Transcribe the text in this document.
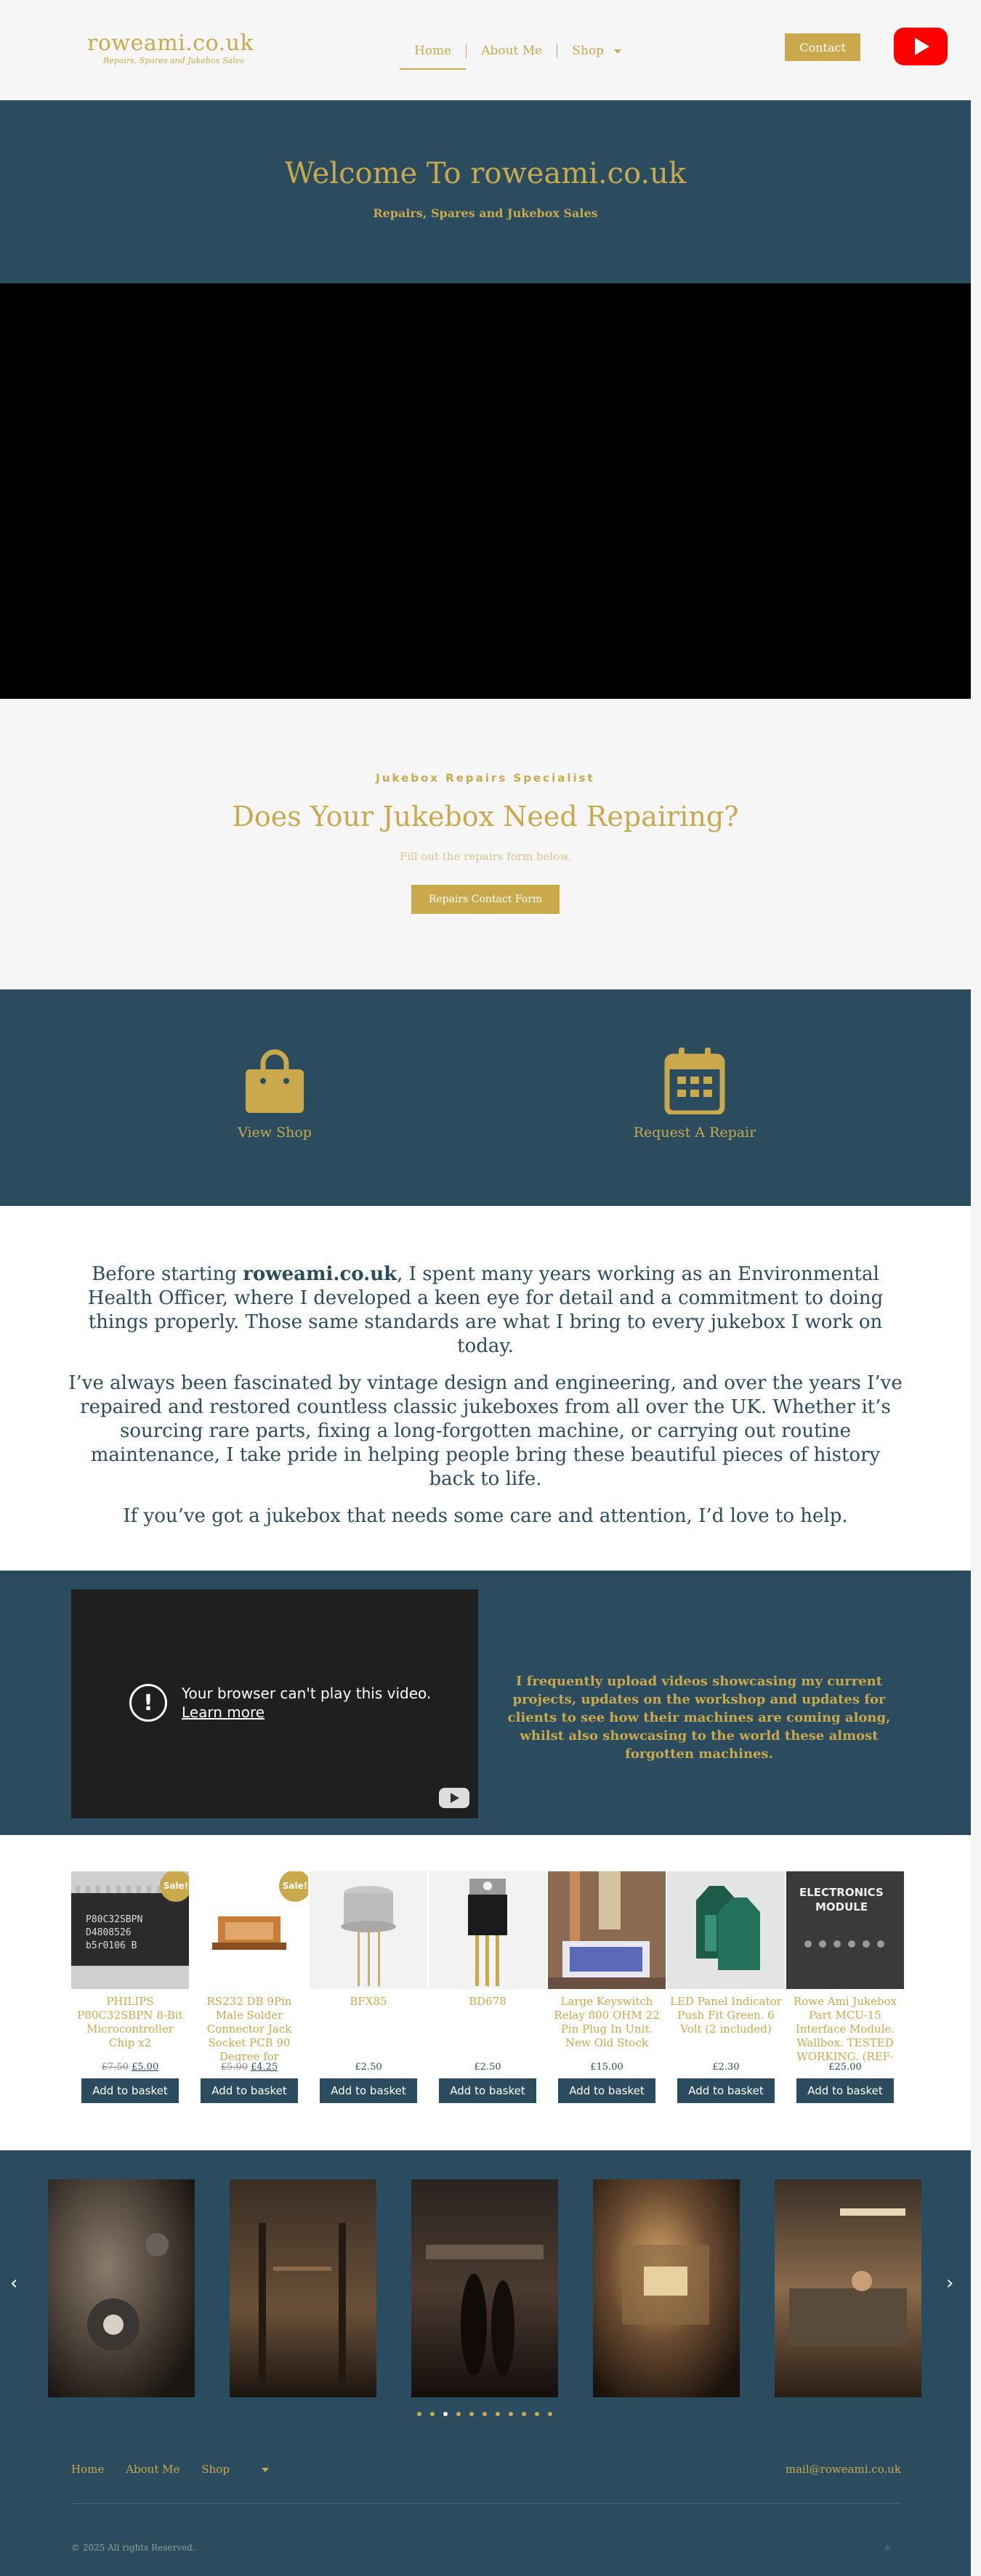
roweami.co.uk
Repairs, Spares and Jukebox Sales
Home	About Me	Shop	Contact
Welcome To roweami.co.uk
Repairs, Spares and Jukebox Sales
Jukebox Repairs Specialist
Does Your Jukebox Need Repairing?
Fill out the repairs form below.
Repairs Contact Form
View Shop	Request A Repair

Before starting roweami.co.uk, I spent many years working as an Environmental Health Officer, where I developed a keen eye for detail and a commitment to doing things properly. Those same standards are what I bring to every jukebox I work on today.

I’ve always been fascinated by vintage design and engineering, and over the years I’ve repaired and restored countless classic jukeboxes from all over the UK. Whether it’s sourcing rare parts, fixing a long-forgotten machine, or carrying out routine maintenance, I take pride in helping people bring these beautiful pieces of history back to life.

If you’ve got a jukebox that needs some care and attention, I’d love to help.

!	Your browser can't play this video.
Learn more
I frequently upload videos showcasing my current projects, updates on the workshop and updates for clients to see how their machines are coming along, whilst also showcasing to the world these almost forgotten machines.
P80C32SBPN
D4808526
b5r0106 B
Sale!
PHILIPS P80C32SBPN 8-Bit Microcontroller Chip x2
£7.50 £5.00
Add to basket
Sale!
RS232 DB 9Pin Male Solder Connector Jack Socket PCB 90 Degree for
£5.00 £4.25
Add to basket
BFX85
£2.50
Add to basket
BD678
£2.50
Add to basket
Large Keyswitch Relay 800 OHM 22 Pin Plug In Unit. New Old Stock
£15.00
Add to basket
LED Panel Indicator Push Fit Green. 6 Volt (2 included)
£2.30
Add to basket
ELECTRONICS
MODULE
Rowe Ami Jukebox Part MCU-15 Interface Module. Wallbox. TESTED WORKING. (REF-
£25.00
Add to basket
‹	›
Home About Me Shop	mail@roweami.co.uk
© 2025 All rights Reserved.	▲
